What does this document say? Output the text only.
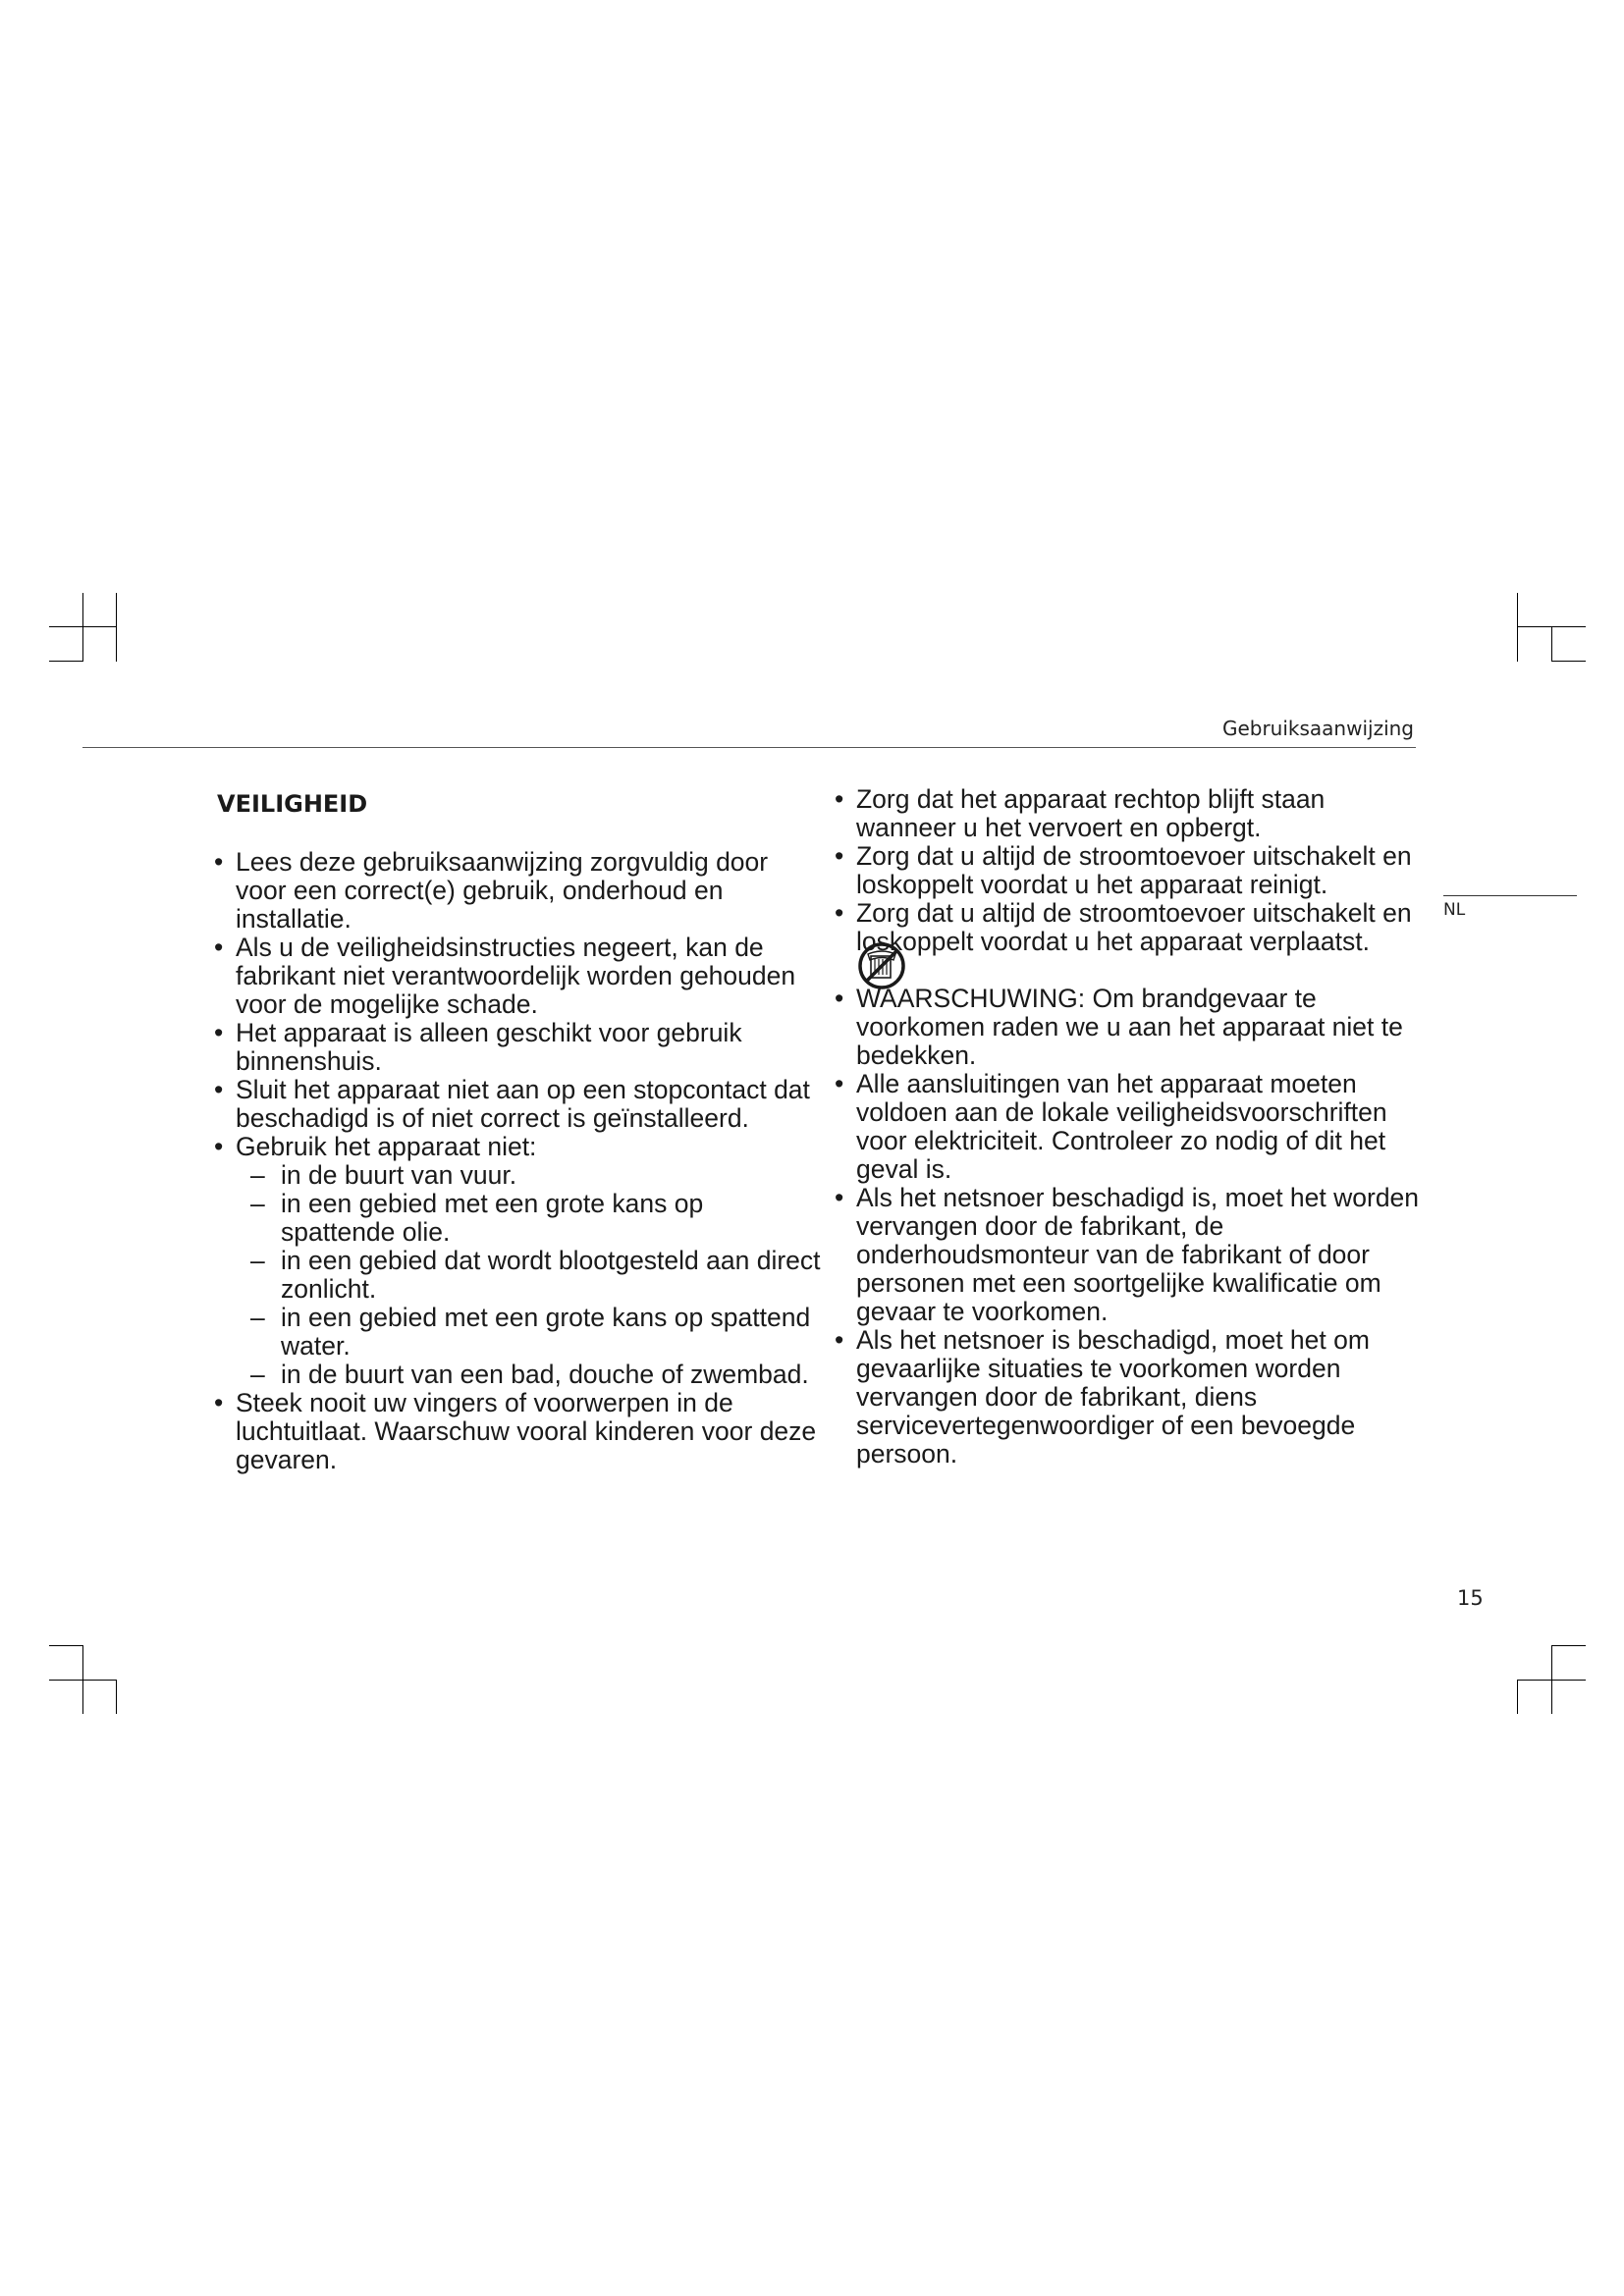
Gebruiksaanwijzing
NL
VEILIGHEID
• Lees deze gebruiksaanwijzing zorgvuldig door voor een correct(e) gebruik, onderhoud en installatie.
• Als u de veiligheidsinstructies negeert, kan de fabrikant niet verantwoordelijk worden gehouden voor de mogelijke schade.
• Het apparaat is alleen geschikt voor gebruik binnenshuis.
• Sluit het apparaat niet aan op een stopcontact dat beschadigd is of niet correct is geïnstalleerd.
• Gebruik het apparaat niet:
– in de buurt van vuur.
– in een gebied met een grote kans op spattende olie.
– in een gebied dat wordt blootgesteld aan direct zonlicht.
– in een gebied met een grote kans op spattend water.
– in de buurt van een bad, douche of zwembad.
• Steek nooit uw vingers of voorwerpen in de luchtuitlaat. Waarschuw vooral kinderen voor deze gevaren.
• Zorg dat het apparaat rechtop blijft staan wanneer u het vervoert en opbergt.
• Zorg dat u altijd de stroomtoevoer uitschakelt en loskoppelt voordat u het apparaat reinigt.
• Zorg dat u altijd de stroomtoevoer uitschakelt en loskoppelt voordat u het apparaat verplaatst.
• WAARSCHUWING: Om brandgevaar te voorkomen raden we u aan het apparaat niet te bedekken.
• Alle aansluitingen van het apparaat moeten voldoen aan de lokale veiligheidsvoorschriften voor elektriciteit. Controleer zo nodig of dit het geval is.
• Als het netsnoer beschadigd is, moet het worden vervangen door de fabrikant, de onderhoudsmonteur van de fabrikant of door personen met een soortgelijke kwalificatie om gevaar te voorkomen.
• Als het netsnoer is beschadigd, moet het om gevaarlijke situaties te voorkomen worden vervangen door de fabrikant, diens servicevertegenwoordiger of een bevoegde persoon.
15
